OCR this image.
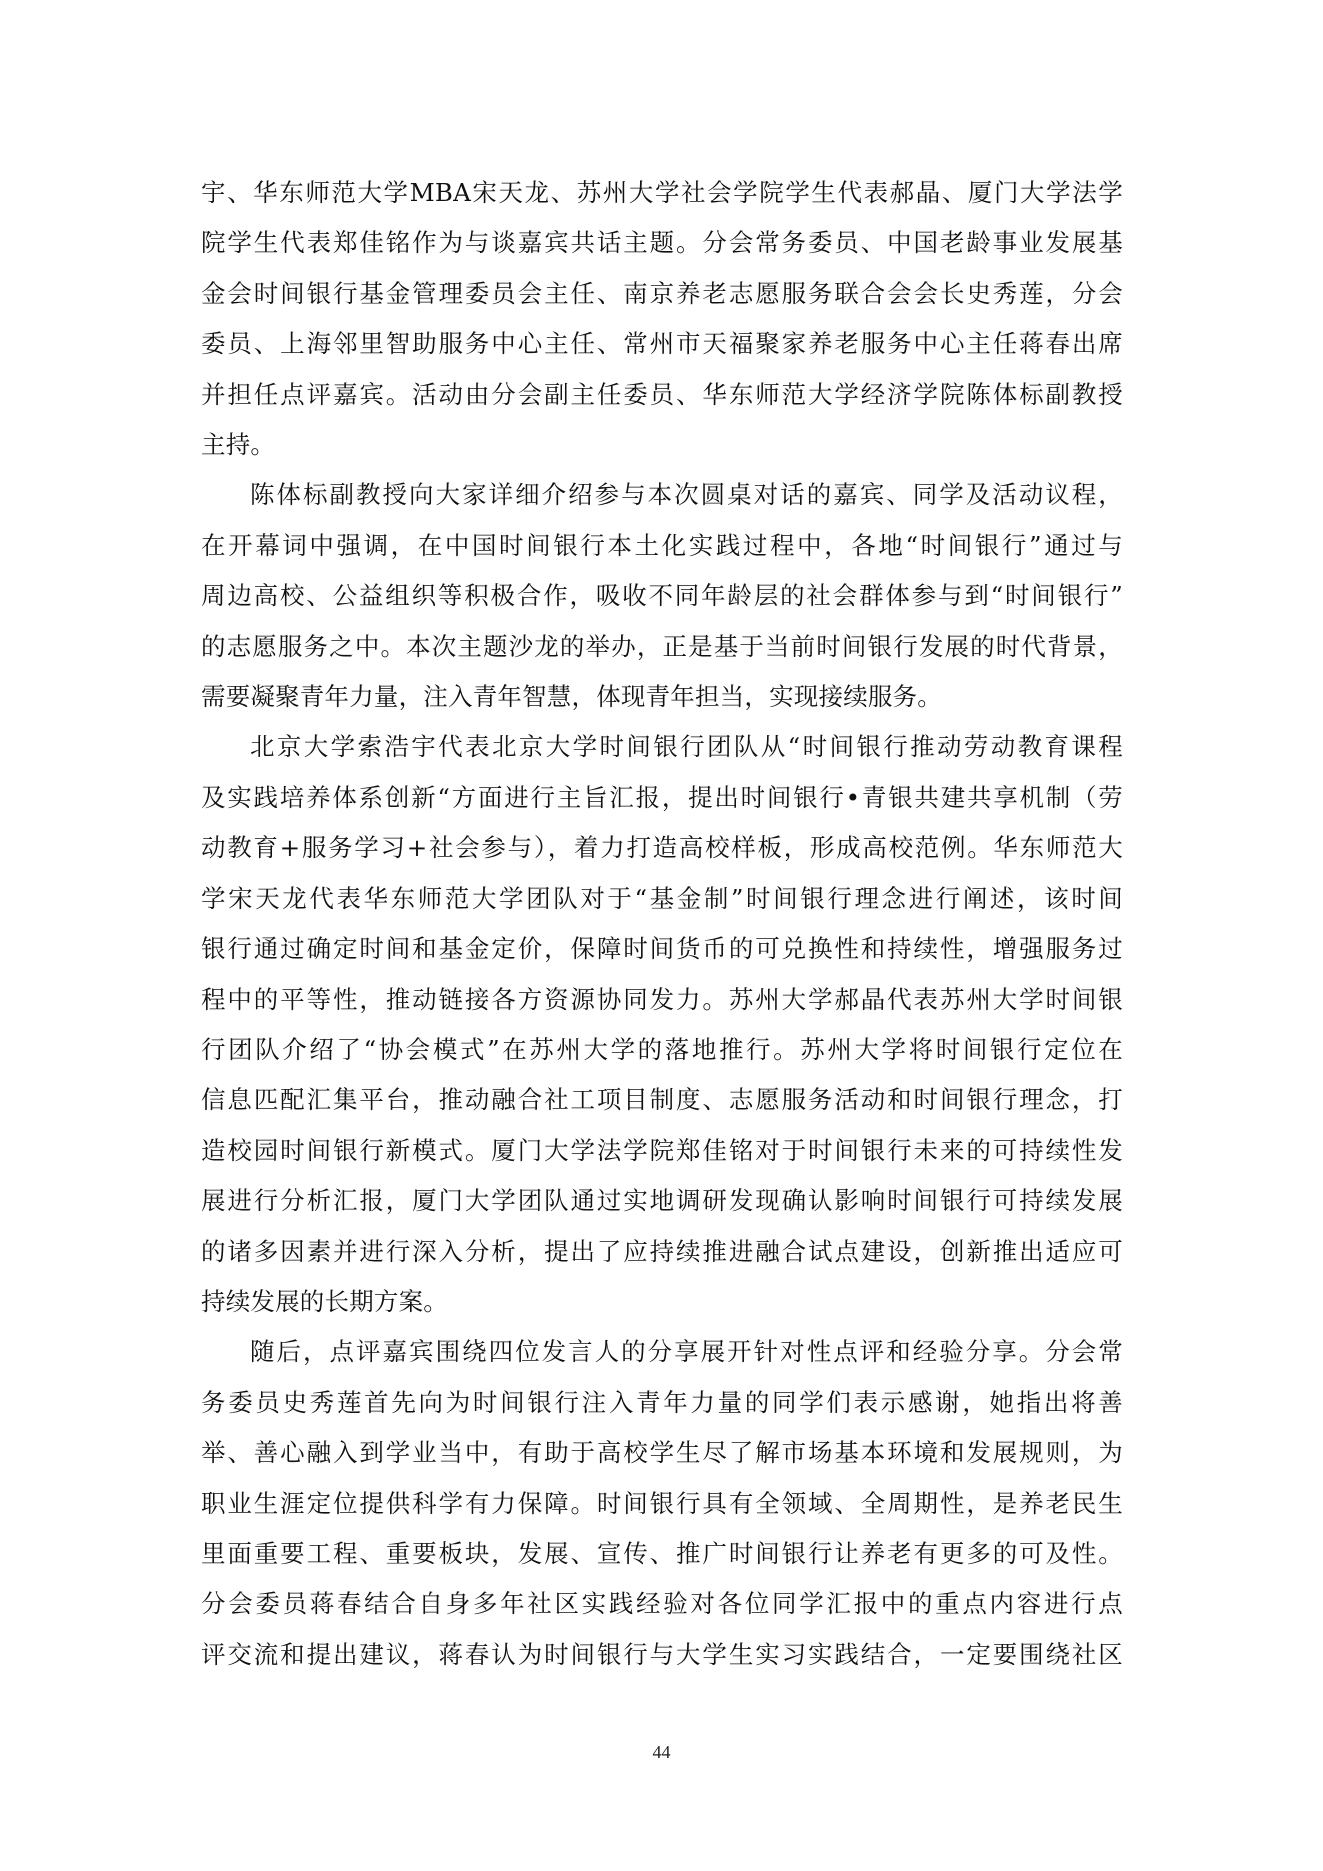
宇、华东师范大学MBA宋天龙、苏州大学社会学院学生代表郝晶、厦门大学法学
院学生代表郑佳铭作为与谈嘉宾共话主题。分会常务委员、中国老龄事业发展基
金会时间银行基金管理委员会主任、南京养老志愿服务联合会会长史秀莲，分会
委员、上海邻里智助服务中心主任、常州市天福聚家养老服务中心主任蒋春出席
并担任点评嘉宾。活动由分会副主任委员、华东师范大学经济学院陈体标副教授
主持。
陈体标副教授向大家详细介绍参与本次圆桌对话的嘉宾、同学及活动议程，
在开幕词中强调，在中国时间银行本土化实践过程中，各地“时间银行”通过与
周边高校、公益组织等积极合作，吸收不同年龄层的社会群体参与到“时间银行”
的志愿服务之中。本次主题沙龙的举办，正是基于当前时间银行发展的时代背景，
需要凝聚青年力量，注入青年智慧，体现青年担当，实现接续服务。
北京大学索浩宇代表北京大学时间银行团队从“时间银行推动劳动教育课程
及实践培养体系创新“方面进行主旨汇报，提出时间银行•青银共建共享机制（劳
动教育+服务学习+社会参与），着力打造高校样板，形成高校范例。华东师范大
学宋天龙代表华东师范大学团队对于“基金制”时间银行理念进行阐述，该时间
银行通过确定时间和基金定价，保障时间货币的可兑换性和持续性，增强服务过
程中的平等性，推动链接各方资源协同发力。苏州大学郝晶代表苏州大学时间银
行团队介绍了“协会模式”在苏州大学的落地推行。苏州大学将时间银行定位在
信息匹配汇集平台，推动融合社工项目制度、志愿服务活动和时间银行理念，打
造校园时间银行新模式。厦门大学法学院郑佳铭对于时间银行未来的可持续性发
展进行分析汇报，厦门大学团队通过实地调研发现确认影响时间银行可持续发展
的诸多因素并进行深入分析，提出了应持续推进融合试点建设，创新推出适应可
持续发展的长期方案。
随后，点评嘉宾围绕四位发言人的分享展开针对性点评和经验分享。分会常
务委员史秀莲首先向为时间银行注入青年力量的同学们表示感谢，她指出将善
举、善心融入到学业当中，有助于高校学生尽了解市场基本环境和发展规则，为
职业生涯定位提供科学有力保障。时间银行具有全领域、全周期性，是养老民生
里面重要工程、重要板块，发展、宣传、推广时间银行让养老有更多的可及性。
分会委员蒋春结合自身多年社区实践经验对各位同学汇报中的重点内容进行点
评交流和提出建议，蒋春认为时间银行与大学生实习实践结合，一定要围绕社区
44
